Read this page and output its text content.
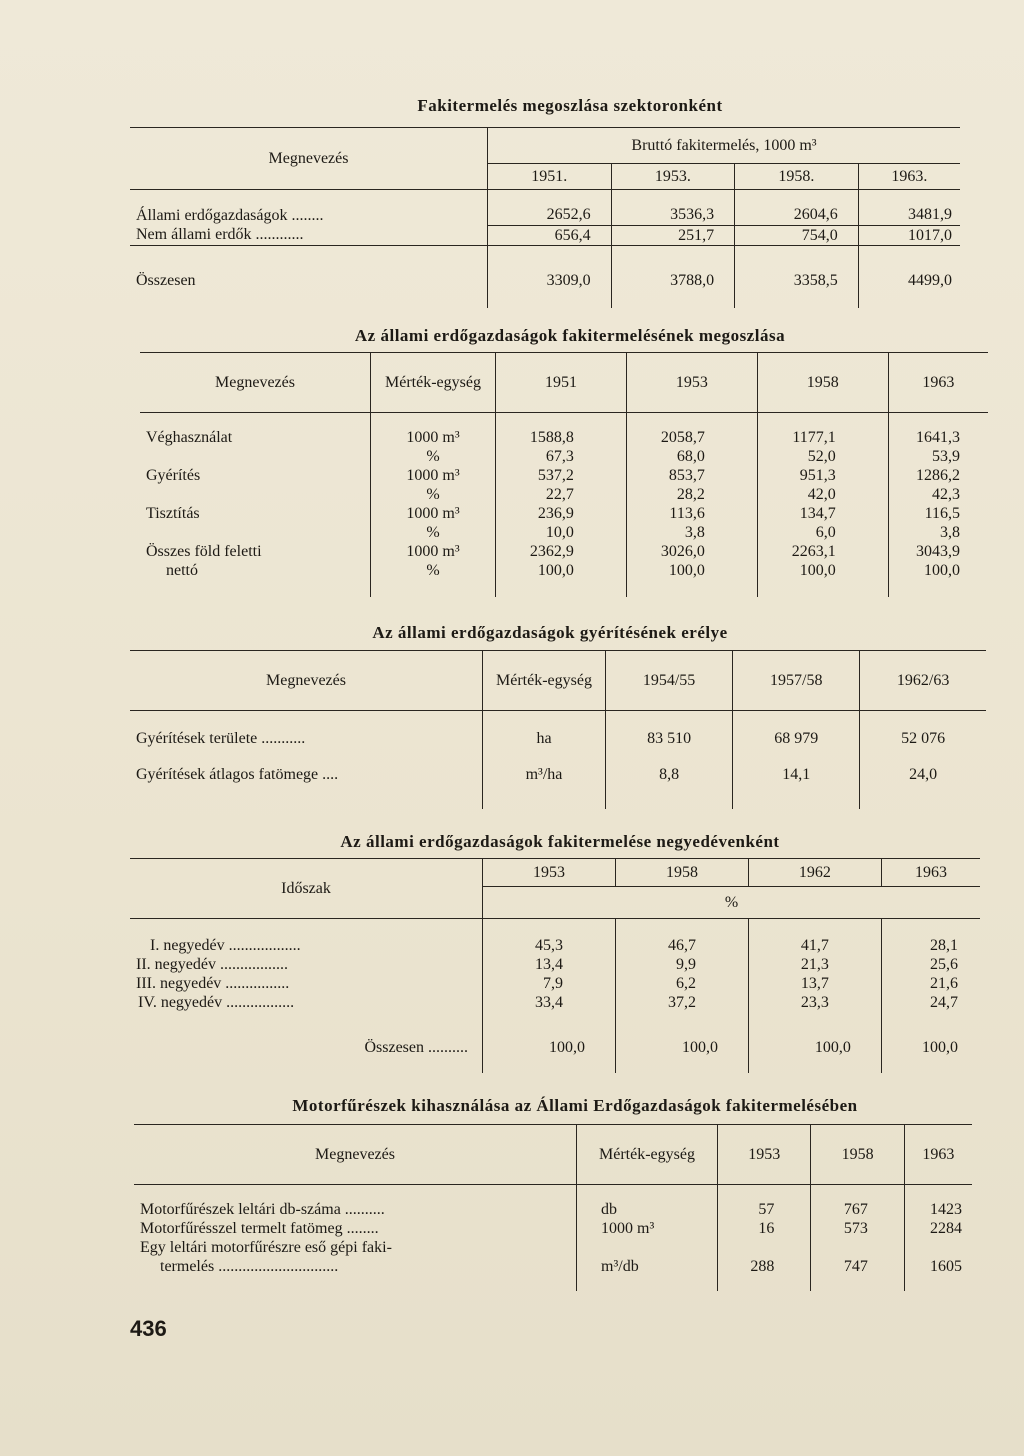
Fakitermelés megoszlása szektoronként
Megnevezés	Bruttó fakitermelés, 1000 m³			
	1951.	1953.	1958.	1963.

Állami erdőgazdaságok ........	2652,6	3536,3	2604,6	3481,9
Nem állami erdők ............	656,4	251,7	754,0	1017,0

Összesen	3309,0	3788,0	3358,5	4499,0

Az állami erdőgazdaságok fakitermelésének megoszlása
Megnevezés	Mérték-egység	1951	1953	1958	1963

Véghasználat	1000 m³	1588,8	2058,7	1177,1	1641,3
	%	67,3	68,0	52,0	53,9
Gyérítés	1000 m³	537,2	853,7	951,3	1286,2
	%	22,7	28,2	42,0	42,3
Tisztítás	1000 m³	236,9	113,6	134,7	116,5
	%	10,0	3,8	6,0	3,8
Összes föld feletti	1000 m³	2362,9	3026,0	2263,1	3043,9
nettó	%	100,0	100,0	100,0	100,0

Az állami erdőgazdaságok gyérítésének erélye
Megnevezés	Mérték-egység	1954/55	1957/58	1962/63

Gyérítések területe ...........	ha	83 510	68 979	52 076
Gyérítések átlagos fatömege ....	m³/ha	8,8	14,1	24,0

Az állami erdőgazdaságok fakitermelése negyedévenként
Időszak	1953	1958	1962	1963
	%			

I. negyedév ..................	45,3	46,7	41,7	28,1
II. negyedév .................	13,4	9,9	21,3	25,6
III. negyedév ................	7,9	6,2	13,7	21,6
IV. negyedév .................	33,4	37,2	23,3	24,7

Összesen ..........	100,0	100,0	100,0	100,0

Motorfűrészek kihasználása az Állami Erdőgazdaságok fakitermelésében
Megnevezés	Mérték-egység	1953	1958	1963

Motorfűrészek leltári db-száma ..........	db	57	767	1423
Motorfűrésszel termelt fatömeg ........	1000 m³	16	573	2284
Egy leltári motorfűrészre eső gépi faki-				
termelés ..............................	m³/db	288	747	1605

436
